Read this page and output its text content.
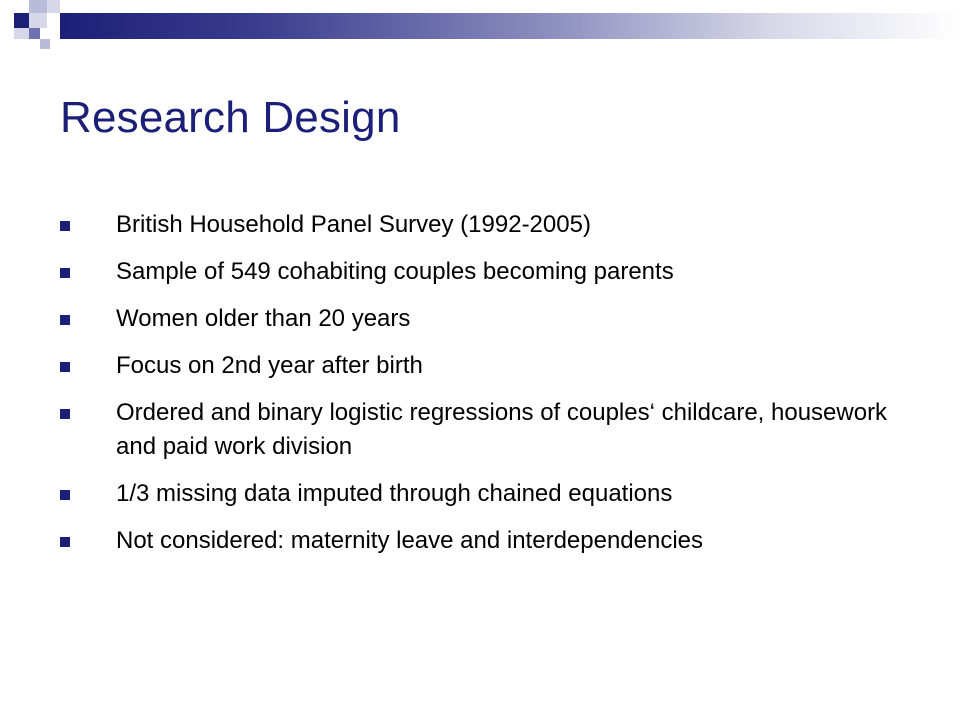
Research Design
British Household Panel Survey (1992-2005)
Sample of 549 cohabiting couples becoming parents
Women older than 20 years
Focus on 2nd year after birth
Ordered and binary logistic regressions of couples‘ childcare, housework and paid work division
1/3 missing data imputed through chained equations
Not considered: maternity leave and interdependencies
